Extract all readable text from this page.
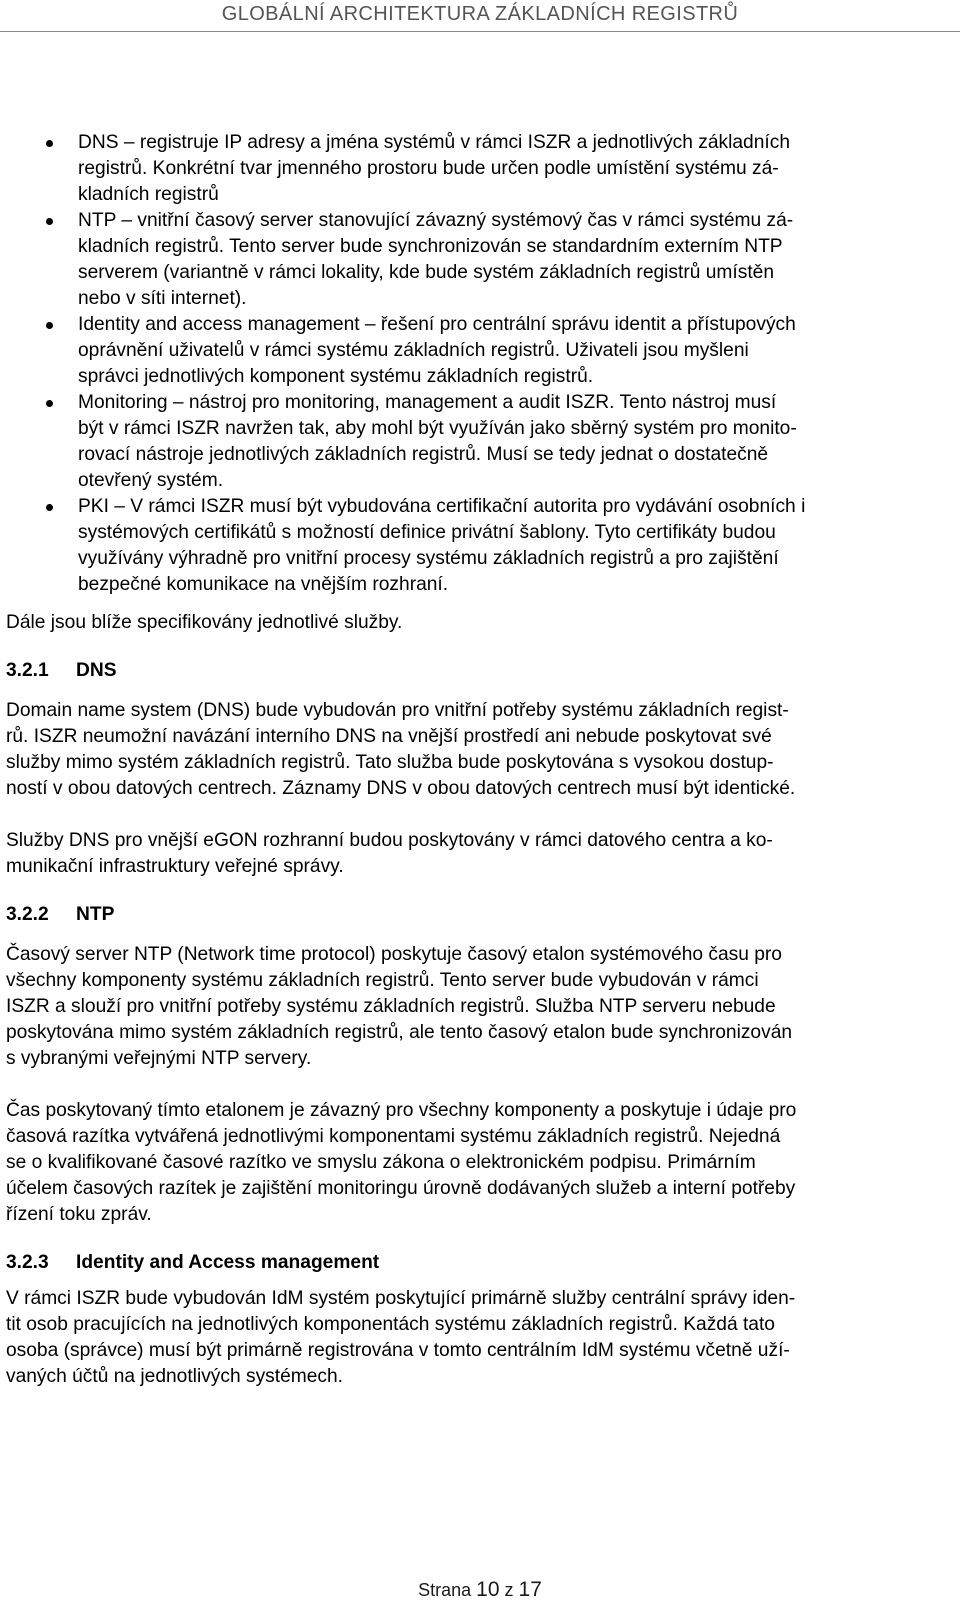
GLOBÁLNÍ ARCHITEKTURA ZÁKLADNÍCH REGISTRŮ
DNS – registruje IP adresy a jména systémů v rámci ISZR a jednotlivých základních
registrů. Konkrétní tvar jmenného prostoru bude určen podle umístění systému zá-
kladních registrů
NTP – vnitřní časový server stanovující závazný systémový čas v rámci systému zá-
kladních registrů. Tento server bude synchronizován se standardním externím NTP
serverem (variantně v rámci lokality, kde bude systém základních registrů umístěn
nebo v síti internet).
Identity and access management – řešení pro centrální správu identit a přístupových
oprávnění uživatelů v rámci systému základních registrů. Uživateli jsou myšleni
správci jednotlivých komponent systému základních registrů.
Monitoring – nástroj pro monitoring, management a audit ISZR. Tento nástroj musí
být v rámci ISZR navržen tak, aby mohl být využíván jako sběrný systém pro monito-
rovací nástroje jednotlivých základních registrů. Musí se tedy jednat o dostatečně
otevřený systém.
PKI – V rámci ISZR musí být vybudována certifikační autorita pro vydávání osobních i
systémových certifikátů s možností definice privátní šablony. Tyto certifikáty budou
využívány výhradně pro vnitřní procesy systému základních registrů a pro zajištění
bezpečné komunikace na vnějším rozhraní.

Dále jsou blíže specifikovány jednotlivé služby.

3.2.1	DNS

Domain name system (DNS) bude vybudován pro vnitřní potřeby systému základních regist-
rů. ISZR neumožní navázání interního DNS na vnější prostředí ani nebude poskytovat své
služby mimo systém základních registrů. Tato služba bude poskytována s vysokou dostup-
ností v obou datových centrech. Záznamy DNS v obou datových centrech musí být identické.

Služby DNS pro vnější eGON rozhranní budou poskytovány v rámci datového centra a ko-
munikační infrastruktury veřejné správy.

3.2.2	NTP

Časový server NTP (Network time protocol) poskytuje časový etalon systémového času pro
všechny komponenty systému základních registrů. Tento server bude vybudován v rámci
ISZR a slouží pro vnitřní potřeby systému základních registrů. Služba NTP serveru nebude
poskytována mimo systém základních registrů, ale tento časový etalon bude synchronizován
s vybranými veřejnými NTP servery.

Čas poskytovaný tímto etalonem je závazný pro všechny komponenty a poskytuje i údaje pro
časová razítka vytvářená jednotlivými komponentami systému základních registrů. Nejedná
se o kvalifikované časové razítko ve smyslu zákona o elektronickém podpisu. Primárním
účelem časových razítek je zajištění monitoringu úrovně dodávaných služeb a interní potřeby
řízení toku zpráv.

3.2.3	Identity and Access management

V rámci ISZR bude vybudován IdM systém poskytující primárně služby centrální správy iden-
tit osob pracujících na jednotlivých komponentách systému základních registrů. Každá tato
osoba (správce) musí být primárně registrována v tomto centrálním IdM systému včetně uží-
vaných účtů na jednotlivých systémech.

Strana 10 z 17
